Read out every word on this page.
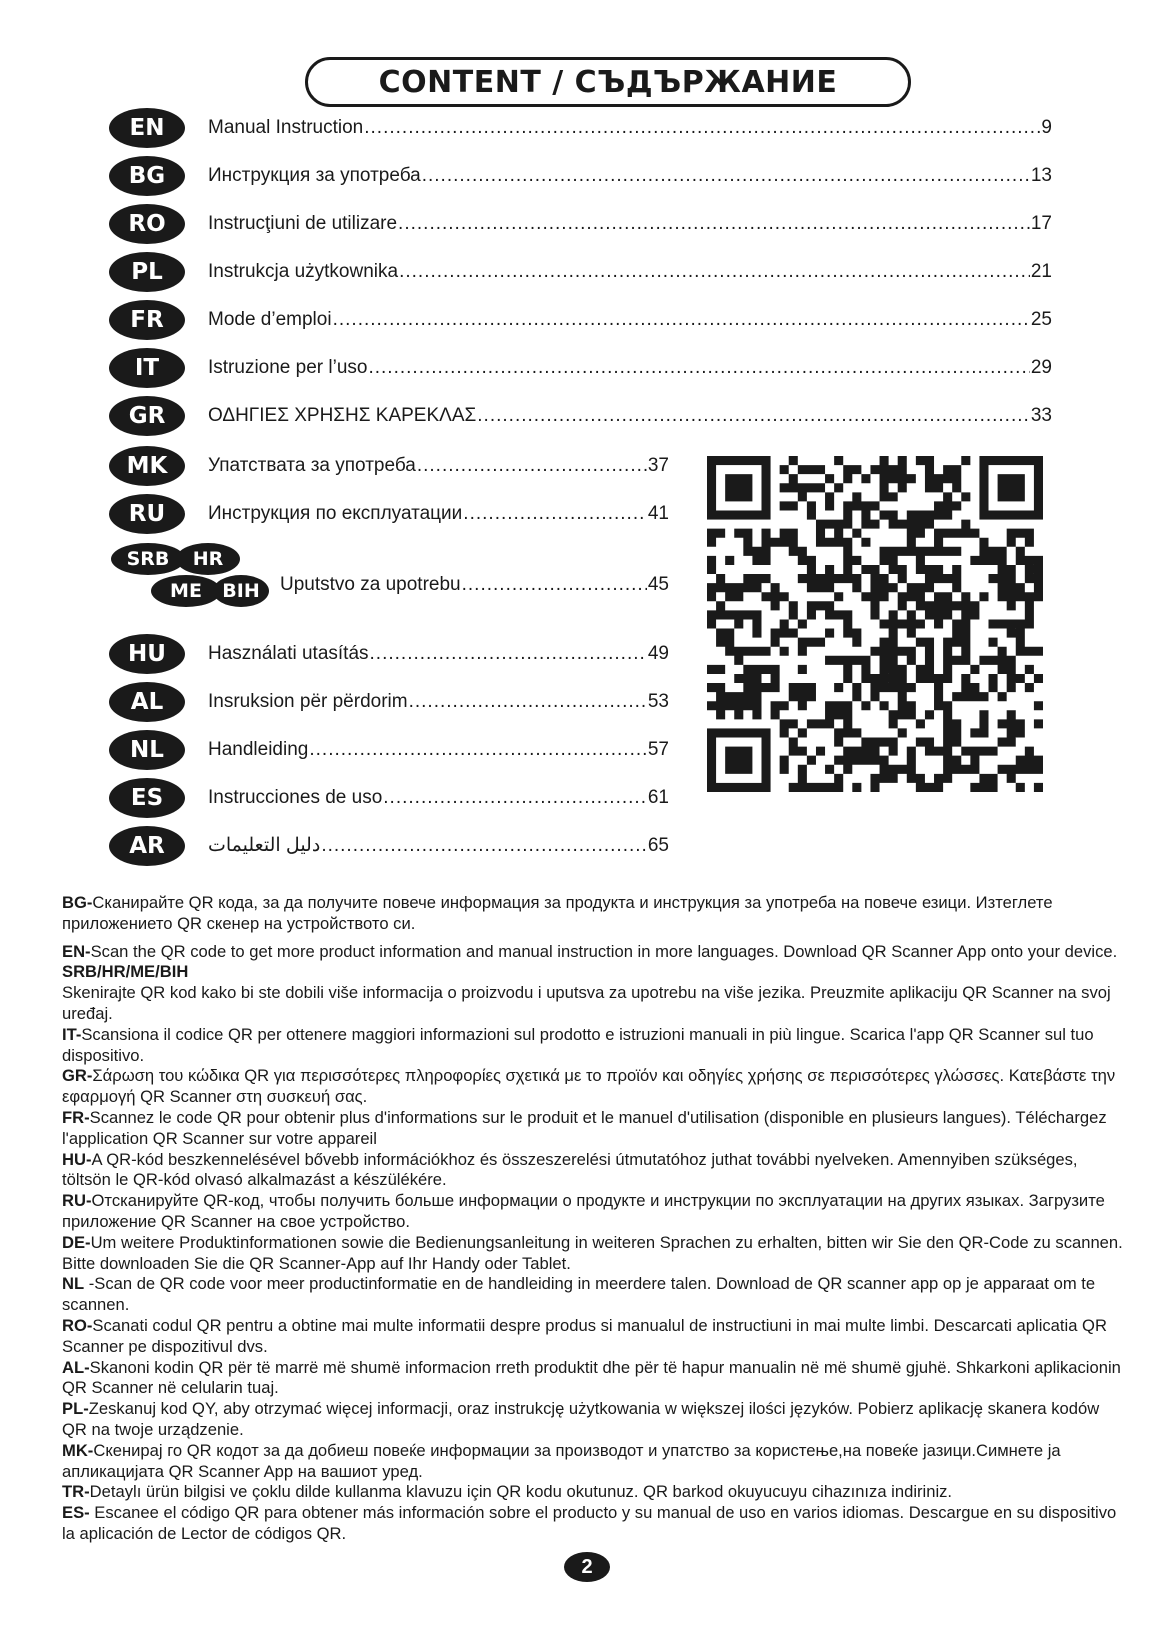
CONTENT / СЪДЪРЖАНИЕ
EN	Manual Instruction .....	9
BG	Инструкция за употреба .....	13
RO	Instrucţiuni de utilizare .....	17
PL	Instrukcja użytkownika .....	21
FR	Mode d’emploi .....	25
IT	Istruzione per l’uso .....	29
GR	ΟΔΗΓΙΕΣ ΧΡΗΣΗΣ ΚΑΡΕΚΛΑΣ .....	33
MK	Упатствата за употреба .....	37
RU	Инструкция по експлуатации .....	41
SRB	HR
ME	BIH	Uputstvo za upotrebu .....	45
HU	Használati utasítás .....	49
AL	Insruksion për përdorim .....	53
NL	Handleiding .....	57
ES	Instrucciones de uso .....	61
AR	دليل التعليمات .....	65

BG-Сканирайте QR кода, за да получите повече информация за продукта и инструкция за употреба на повече езици. Изтеглете приложението QR скенер на устройството си.

EN-Scan the QR code to get more product information and manual instruction in more languages. Download QR Scanner App onto your device.

SRB/HR/ME/BIH
Skenirajte QR kod kako bi ste dobili više informacija o proizvodu i uputsva za upotrebu na više jezika. Preuzmite aplikaciju QR Scanner na svoj uređaj.

IT-Scansiona il codice QR per ottenere maggiori informazioni sul prodotto e istruzioni manuali in più lingue. Scarica l'app QR Scanner sul tuo dispositivo.

GR-Σάρωση του κώδικα QR για περισσότερες πληροφορίες σχετικά με το προϊόν και οδηγίες χρήσης σε περισσότερες γλώσσες. Κατεβάστε την εφαρμογή QR Scanner στη συσκευή σας.

FR-Scannez le code QR pour obtenir plus d'informations sur le produit et le manuel d'utilisation (disponible en plusieurs langues). Téléchargez l'application QR Scanner sur votre appareil

HU-A QR-kód beszkennelésével bővebb információkhoz és összeszerelési útmutatóhoz juthat további nyelveken. Amennyiben szükséges, töltsön le QR-kód olvasó alkalmazást a készülékére.

RU-Отсканируйте QR-код, чтобы получить больше информации о продукте и инструкции по эксплуатации на других языках. Загрузите приложение QR Scanner на свое устройство.

DE-Um weitere Produktinformationen sowie die Bedienungsanleitung in weiteren Sprachen zu erhalten, bitten wir Sie den QR-Code zu scannen. Bitte downloaden Sie die QR Scanner-App auf Ihr Handy oder Tablet.

NL -Scan de QR code voor meer productinformatie en de handleiding in meerdere talen. Download de QR scanner app op je apparaat om te scannen.

RO-Scanati codul QR pentru a obtine mai multe informatii despre produs si manualul de instructiuni in mai multe limbi. Descarcati aplicatia QR Scanner pe dispozitivul dvs.

AL-Skanoni kodin QR për të marrë më shumë informacion rreth produktit dhe për të hapur manualin në më shumë gjuhë. Shkarkoni aplikacionin QR Scanner në celularin tuaj.

PL-Zeskanuj kod QY, aby otrzymać więcej informacji, oraz instrukcję użytkowania w większej ilości języków. Pobierz aplikację skanera kodów QR na twoje urządzenie.

MK-Скенирај го QR кодот за да добиеш повеќе информации за производот и упатство за користење,на повеќе јазици.Симнете ја апликацијата QR Scanner App на вашиот уред.

TR-Detaylı ürün bilgisi ve çoklu dilde kullanma klavuzu için QR kodu okutunuz. QR barkod okuyucuyu cihazınıza indiriniz.

ES- Escanee el código QR para obtener más información sobre el producto y su manual de uso en varios idiomas. Descargue en su dispositivo la aplicación de Lector de códigos QR.

2
